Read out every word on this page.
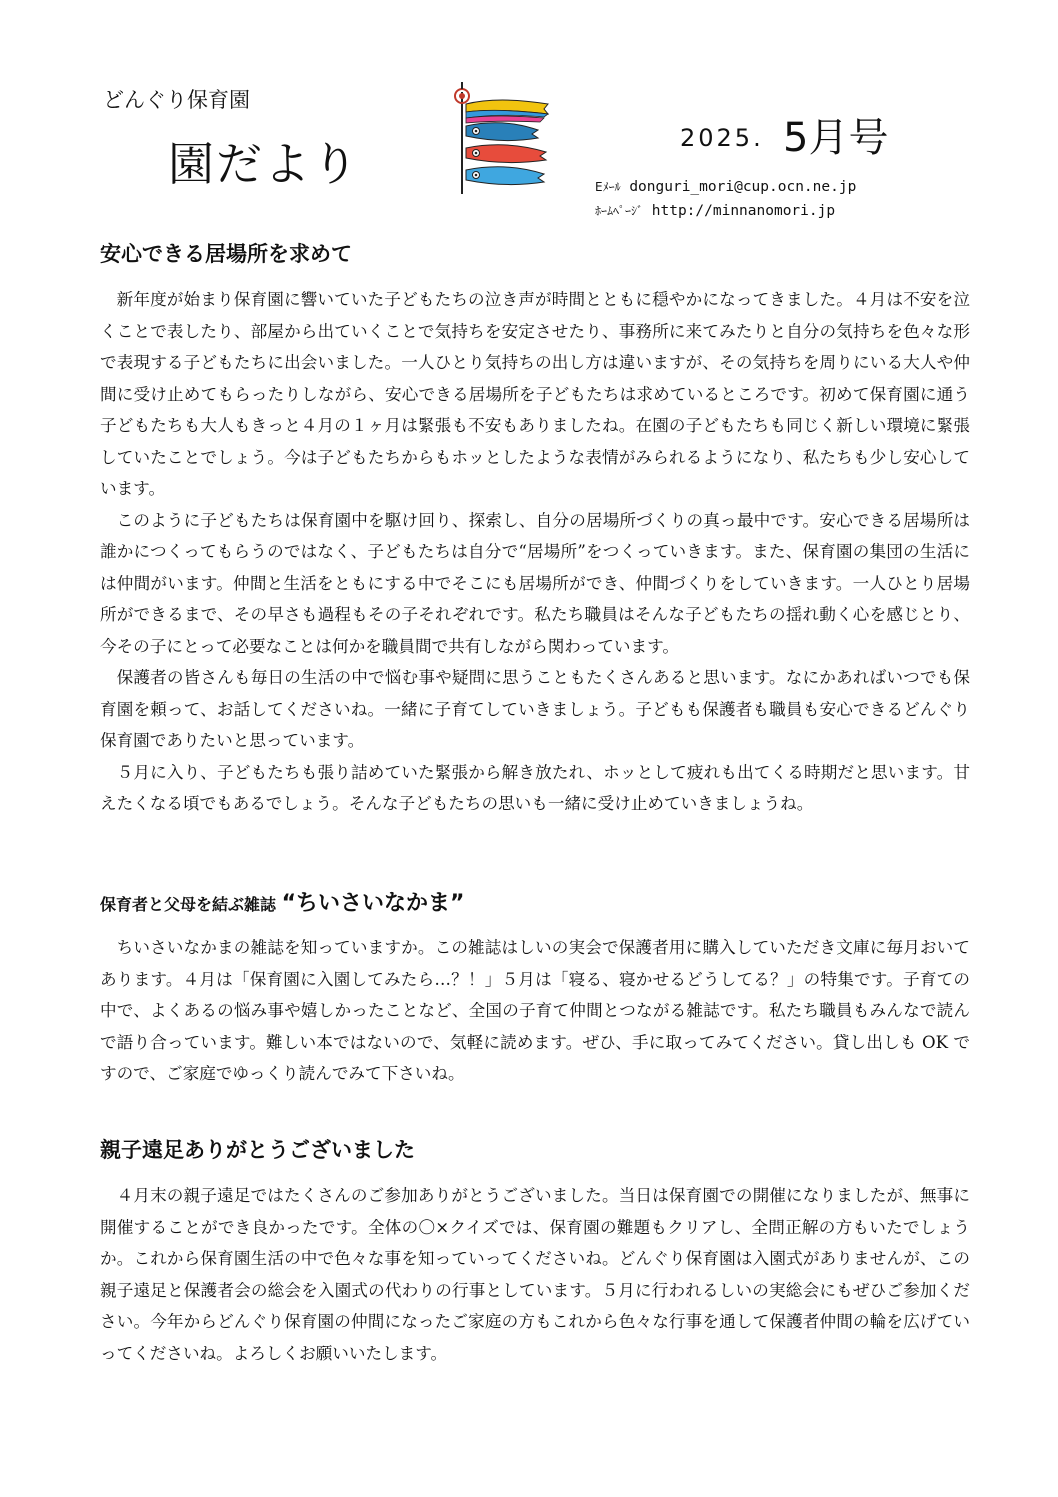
どんぐり保育園
園だより	2025. 5月号
Eﾒｰﾙ donguri_mori@cup.ocn.ne.jp
ﾎｰﾑﾍﾟｰｼﾞ http://minnanomori.jp
安心できる居場所を求めて

新年度が始まり保育園に響いていた子どもたちの泣き声が時間とともに穏やかになってきました。４月は不安を泣くことで表したり、部屋から出ていくことで気持ちを安定させたり、事務所に来てみたりと自分の気持ちを色々な形で表現する子どもたちに出会いました。一人ひとり気持ちの出し方は違いますが、その気持ちを周りにいる大人や仲間に受け止めてもらったりしながら、安心できる居場所を子どもたちは求めているところです。初めて保育園に通う子どもたちも大人もきっと４月の１ヶ月は緊張も不安もありましたね。在園の子どもたちも同じく新しい環境に緊張していたことでしょう。今は子どもたちからもホッとしたような表情がみられるようになり、私たちも少し安心しています。

このように子どもたちは保育園中を駆け回り、探索し、自分の居場所づくりの真っ最中です。安心できる居場所は誰かにつくってもらうのではなく、子どもたちは自分で“居場所”をつくっていきます。また、保育園の集団の生活には仲間がいます。仲間と生活をともにする中でそこにも居場所ができ、仲間づくりをしていきます。一人ひとり居場所ができるまで、その早さも過程もその子それぞれです。私たち職員はそんな子どもたちの揺れ動く心を感じとり、今その子にとって必要なことは何かを職員間で共有しながら関わっています。

保護者の皆さんも毎日の生活の中で悩む事や疑問に思うこともたくさんあると思います。なにかあればいつでも保育園を頼って、お話してくださいね。一緒に子育てしていきましょう。子どもも保護者も職員も安心できるどんぐり保育園でありたいと思っています。

５月に入り、子どもたちも張り詰めていた緊張から解き放たれ、ホッとして疲れも出てくる時期だと思います。甘えたくなる頃でもあるでしょう。そんな子どもたちの思いも一緒に受け止めていきましょうね。

保育者と父母を結ぶ雑誌 “ちいさいなかま”

ちいさいなかまの雑誌を知っていますか。この雑誌はしいの実会で保護者用に購入していただき文庫に毎月おいてあります。４月は「保育園に入園してみたら…？！」５月は「寝る、寝かせるどうしてる？」の特集です。子育ての中で、よくあるの悩み事や嬉しかったことなど、全国の子育て仲間とつながる雑誌です。私たち職員もみんなで読んで語り合っています。難しい本ではないので、気軽に読めます。ぜひ、手に取ってみてください。貸し出しも OK ですので、ご家庭でゆっくり読んでみて下さいね。

親子遠足ありがとうございました

４月末の親子遠足ではたくさんのご参加ありがとうございました。当日は保育園での開催になりましたが、無事に開催することができ良かったです。全体の〇×クイズでは、保育園の難題もクリアし、全問正解の方もいたでしょうか。これから保育園生活の中で色々な事を知っていってくださいね。どんぐり保育園は入園式がありませんが、この親子遠足と保護者会の総会を入園式の代わりの行事としています。５月に行われるしいの実総会にもぜひご参加ください。今年からどんぐり保育園の仲間になったご家庭の方もこれから色々な行事を通して保護者仲間の輪を広げていってくださいね。よろしくお願いいたします。
